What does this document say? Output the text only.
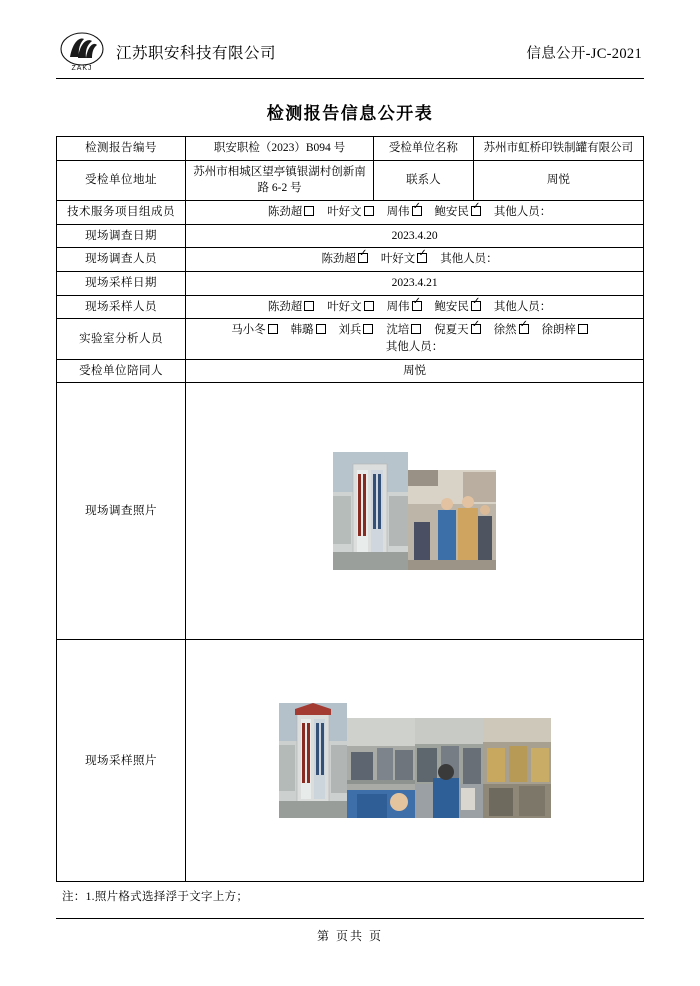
ZAKJ
江苏职安科技有限公司	信息公开-JC-2021
检测报告信息公开表
检测报告编号	职安职检（2023）B094 号	受检单位名称	苏州市虹桥印铁制罐有限公司
受检单位地址	苏州市相城区望亭镇银湖村创新南路 6-2 号	联系人	周悦
技术服务项目组成员	陈劲超 叶好文 周伟 ✓ 鲍安民 ✓ 其他人员：
现场调查日期	2023.4.20		
现场调查人员	陈劲超 ✓ 叶好文 ✓ 其他人员：
现场采样日期	2023.4.21		
现场采样人员	陈劲超 叶好文 周伟 ✓ 鲍安民 ✓ 其他人员：
实验室分析人员	马小冬 韩璐 刘兵 沈培 倪夏天 ✓ 徐然 ✓ 徐朗梓
其他人员：

受检单位陪同人	周悦		
现场调查照片	

现场采样照片	
注：1.照片格式选择浮于文字上方；
第 页共 页
